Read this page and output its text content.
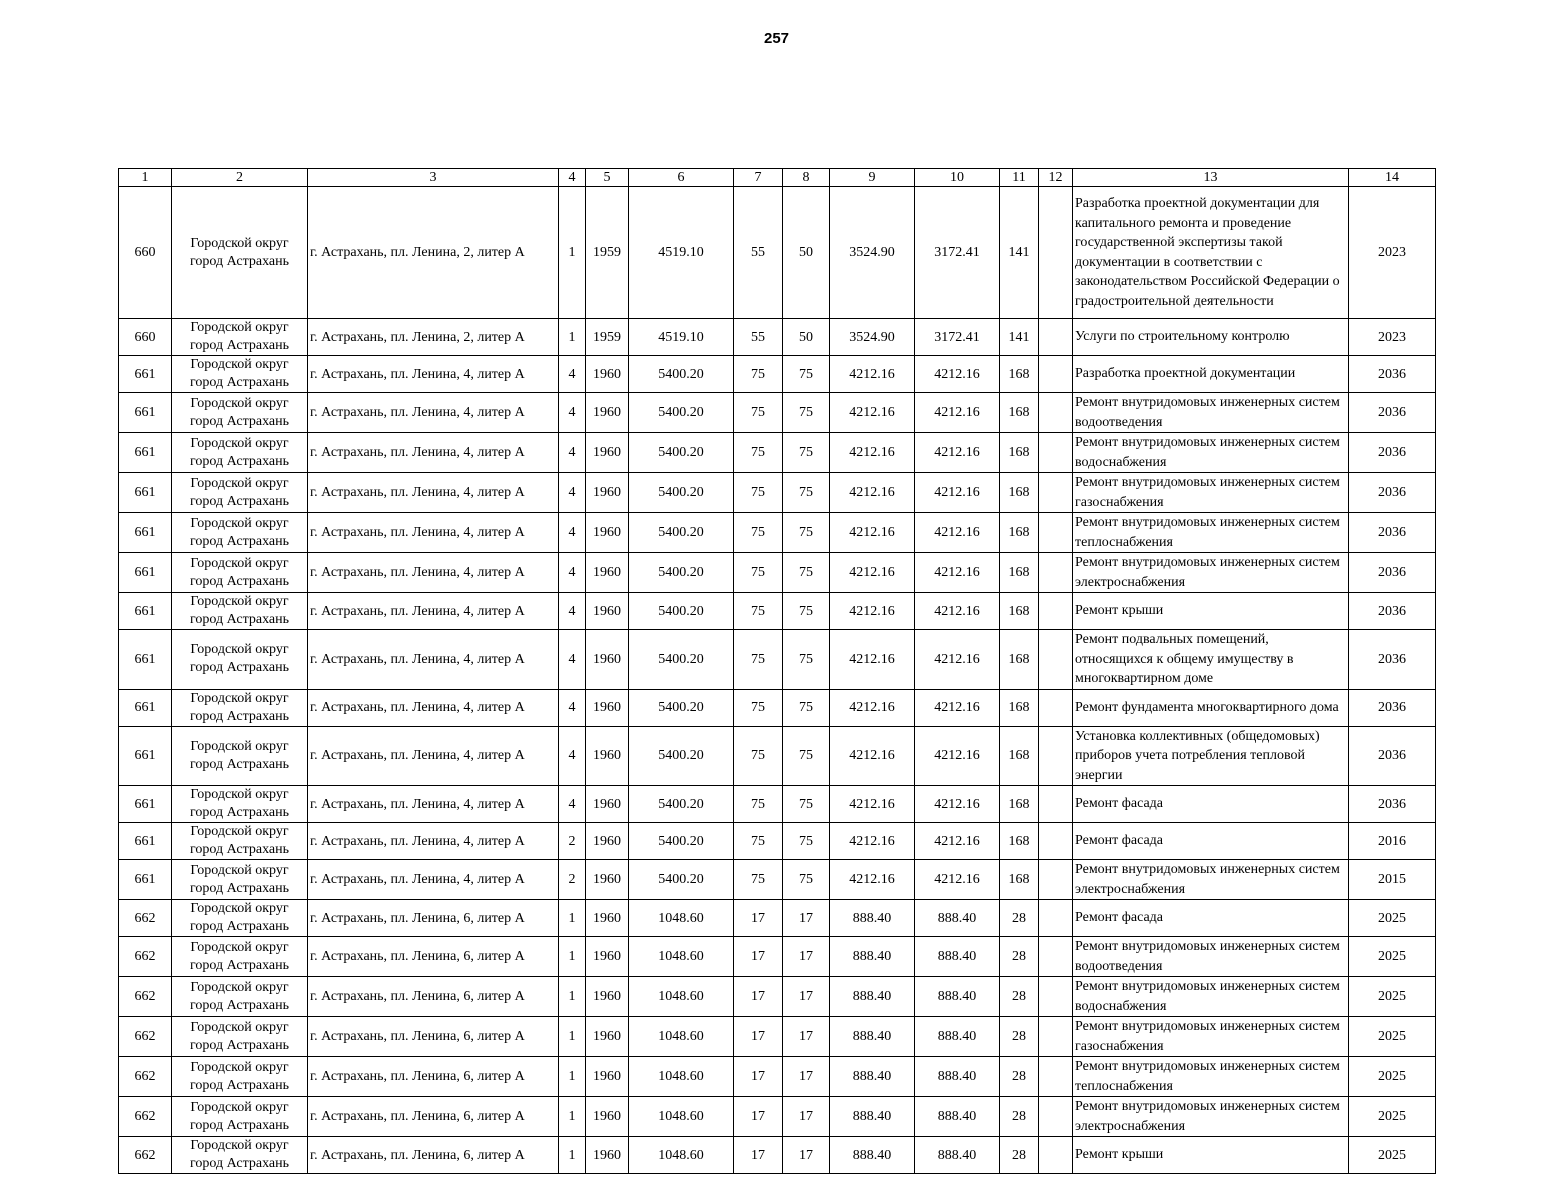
257
1	2	3	4	5	6	7	8	9	10	11	12	13	14
660	Городской округ город Астрахань	г. Астрахань, пл. Ленина, 2, литер А	1	1959	4519.10	55	50	3524.90	3172.41	141		Разработка проектной документации для капитального ремонта и проведение государственной экспертизы такой документации в соответствии с законодательством Российской Федерации о градостроительной деятельности	2023
660	Городской округ город Астрахань	г. Астрахань, пл. Ленина, 2, литер А	1	1959	4519.10	55	50	3524.90	3172.41	141		Услуги по строительному контролю	2023
661	Городской округ город Астрахань	г. Астрахань, пл. Ленина, 4, литер А	4	1960	5400.20	75	75	4212.16	4212.16	168		Разработка проектной документации	2036
661	Городской округ город Астрахань	г. Астрахань, пл. Ленина, 4, литер А	4	1960	5400.20	75	75	4212.16	4212.16	168		Ремонт внутридомовых инженерных систем водоотведения	2036
661	Городской округ город Астрахань	г. Астрахань, пл. Ленина, 4, литер А	4	1960	5400.20	75	75	4212.16	4212.16	168		Ремонт внутридомовых инженерных систем водоснабжения	2036
661	Городской округ город Астрахань	г. Астрахань, пл. Ленина, 4, литер А	4	1960	5400.20	75	75	4212.16	4212.16	168		Ремонт внутридомовых инженерных систем газоснабжения	2036
661	Городской округ город Астрахань	г. Астрахань, пл. Ленина, 4, литер А	4	1960	5400.20	75	75	4212.16	4212.16	168		Ремонт внутридомовых инженерных систем теплоснабжения	2036
661	Городской округ город Астрахань	г. Астрахань, пл. Ленина, 4, литер А	4	1960	5400.20	75	75	4212.16	4212.16	168		Ремонт внутридомовых инженерных систем электроснабжения	2036
661	Городской округ город Астрахань	г. Астрахань, пл. Ленина, 4, литер А	4	1960	5400.20	75	75	4212.16	4212.16	168		Ремонт крыши	2036
661	Городской округ город Астрахань	г. Астрахань, пл. Ленина, 4, литер А	4	1960	5400.20	75	75	4212.16	4212.16	168		Ремонт подвальных помещений, относящихся к общему имуществу в многоквартирном доме	2036
661	Городской округ город Астрахань	г. Астрахань, пл. Ленина, 4, литер А	4	1960	5400.20	75	75	4212.16	4212.16	168		Ремонт фундамента многоквартирного дома	2036
661	Городской округ город Астрахань	г. Астрахань, пл. Ленина, 4, литер А	4	1960	5400.20	75	75	4212.16	4212.16	168		Установка коллективных (общедомовых) приборов учета потребления тепловой энергии	2036
661	Городской округ город Астрахань	г. Астрахань, пл. Ленина, 4, литер А	4	1960	5400.20	75	75	4212.16	4212.16	168		Ремонт фасада	2036
661	Городской округ город Астрахань	г. Астрахань, пл. Ленина, 4, литер А	2	1960	5400.20	75	75	4212.16	4212.16	168		Ремонт фасада	2016
661	Городской округ город Астрахань	г. Астрахань, пл. Ленина, 4, литер А	2	1960	5400.20	75	75	4212.16	4212.16	168		Ремонт внутридомовых инженерных систем электроснабжения	2015
662	Городской округ город Астрахань	г. Астрахань, пл. Ленина, 6, литер А	1	1960	1048.60	17	17	888.40	888.40	28		Ремонт фасада	2025
662	Городской округ город Астрахань	г. Астрахань, пл. Ленина, 6, литер А	1	1960	1048.60	17	17	888.40	888.40	28		Ремонт внутридомовых инженерных систем водоотведения	2025
662	Городской округ город Астрахань	г. Астрахань, пл. Ленина, 6, литер А	1	1960	1048.60	17	17	888.40	888.40	28		Ремонт внутридомовых инженерных систем водоснабжения	2025
662	Городской округ город Астрахань	г. Астрахань, пл. Ленина, 6, литер А	1	1960	1048.60	17	17	888.40	888.40	28		Ремонт внутридомовых инженерных систем газоснабжения	2025
662	Городской округ город Астрахань	г. Астрахань, пл. Ленина, 6, литер А	1	1960	1048.60	17	17	888.40	888.40	28		Ремонт внутридомовых инженерных систем теплоснабжения	2025
662	Городской округ город Астрахань	г. Астрахань, пл. Ленина, 6, литер А	1	1960	1048.60	17	17	888.40	888.40	28		Ремонт внутридомовых инженерных систем электроснабжения	2025
662	Городской округ город Астрахань	г. Астрахань, пл. Ленина, 6, литер А	1	1960	1048.60	17	17	888.40	888.40	28		Ремонт крыши	2025
